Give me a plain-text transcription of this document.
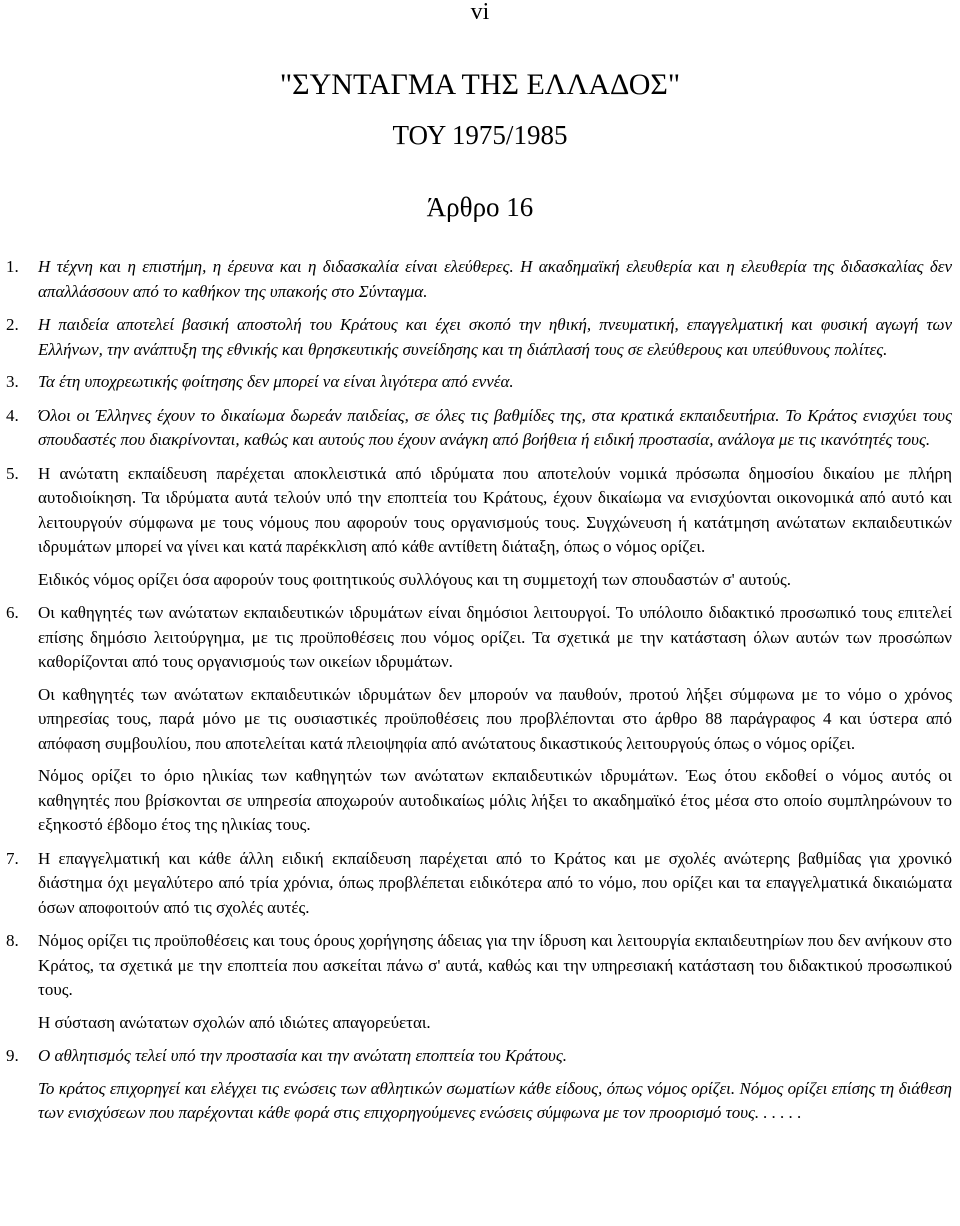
vi
"ΣΥΝΤΑΓΜΑ ΤΗΣ ΕΛΛΑΔΟΣ"
ΤΟΥ 1975/1985
Άρθρο 16
1. Η τέχνη και η επιστήμη, η έρευνα και η διδασκαλία είναι ελεύθερες. Η ακαδημαϊκή ελευθερία και η ελευθερία της διδασκαλίας δεν απαλλάσσουν από το καθήκον της υπακοής στο Σύνταγμα.

2. Η παιδεία αποτελεί βασική αποστολή του Κράτους και έχει σκοπό την ηθική, πνευματική, επαγγελματική και φυσική αγωγή των Ελλήνων, την ανάπτυξη της εθνικής και θρησκευτικής συνείδησης και τη διάπλασή τους σε ελεύθερους και υπεύθυνους πολίτες.

3. Τα έτη υποχρεωτικής φοίτησης δεν μπορεί να είναι λιγότερα από εννέα.

4. Όλοι οι Έλληνες έχουν το δικαίωμα δωρεάν παιδείας, σε όλες τις βαθμίδες της, στα κρατικά εκπαιδευτήρια. Το Κράτος ενισχύει τους σπουδαστές που διακρίνονται, καθώς και αυτούς που έχουν ανάγκη από βοήθεια ή ειδική προστασία, ανάλογα με τις ικανότητές τους.

5. Η ανώτατη εκπαίδευση παρέχεται αποκλειστικά από ιδρύματα που αποτελούν νομικά πρόσωπα δημοσίου δικαίου με πλήρη αυτοδιοίκηση. Τα ιδρύματα αυτά τελούν υπό την εποπτεία του Κράτους, έχουν δικαίωμα να ενισχύονται οικονομικά από αυτό και λειτουργούν σύμφωνα με τους νόμους που αφορούν τους οργανισμούς τους. Συγχώνευση ή κατάτμηση ανώτατων εκπαιδευτικών ιδρυμάτων μπορεί να γίνει και κατά παρέκκλιση από κάθε αντίθετη διάταξη, όπως ο νόμος ορίζει.

Ειδικός νόμος ορίζει όσα αφορούν τους φοιτητικούς συλλόγους και τη συμμετοχή των σπουδαστών σ' αυτούς.

6. Οι καθηγητές των ανώτατων εκπαιδευτικών ιδρυμάτων είναι δημόσιοι λειτουργοί. Το υπόλοιπο διδακτικό προσωπικό τους επιτελεί επίσης δημόσιο λειτούργημα, με τις προϋποθέσεις που νόμος ορίζει. Τα σχετικά με την κατάσταση όλων αυτών των προσώπων καθορίζονται από τους οργανισμούς των οικείων ιδρυμάτων.

Οι καθηγητές των ανώτατων εκπαιδευτικών ιδρυμάτων δεν μπορούν να παυθούν, προτού λήξει σύμφωνα με το νόμο ο χρόνος υπηρεσίας τους, παρά μόνο με τις ουσιαστικές προϋποθέσεις που προβλέπονται στο άρθρο 88 παράγραφος 4 και ύστερα από απόφαση συμβουλίου, που αποτελείται κατά πλειοψηφία από ανώτατους δικαστικούς λειτουργούς όπως ο νόμος ορίζει.

Νόμος ορίζει το όριο ηλικίας των καθηγητών των ανώτατων εκπαιδευτικών ιδρυμάτων. Έως ότου εκδοθεί ο νόμος αυτός οι καθηγητές που βρίσκονται σε υπηρεσία αποχωρούν αυτοδικαίως μόλις λήξει το ακαδημαϊκό έτος μέσα στο οποίο συμπληρώνουν το εξηκοστό έβδομο έτος της ηλικίας τους.

7. Η επαγγελματική και κάθε άλλη ειδική εκπαίδευση παρέχεται από το Κράτος και με σχολές ανώτερης βαθμίδας για χρονικό διάστημα όχι μεγαλύτερο από τρία χρόνια, όπως προβλέπεται ειδικότερα από το νόμο, που ορίζει και τα επαγγελματικά δικαιώματα όσων αποφοιτούν από τις σχολές αυτές.

8. Νόμος ορίζει τις προϋποθέσεις και τους όρους χορήγησης άδειας για την ίδρυση και λειτουργία εκπαιδευτηρίων που δεν ανήκουν στο Κράτος, τα σχετικά με την εποπτεία που ασκείται πάνω σ' αυτά, καθώς και την υπηρεσιακή κατάσταση του διδακτικού προσωπικού τους.

Η σύσταση ανώτατων σχολών από ιδιώτες απαγορεύεται.

9. Ο αθλητισμός τελεί υπό την προστασία και την ανώτατη εποπτεία του Κράτους.

Το κράτος επιχορηγεί και ελέγχει τις ενώσεις των αθλητικών σωματίων κάθε είδους, όπως νόμος ορίζει. Νόμος ορίζει επίσης τη διάθεση των ενισχύσεων που παρέχονται κάθε φορά στις επιχορηγούμενες ενώσεις σύμφωνα με τον προορισμό τους. . . . . .
